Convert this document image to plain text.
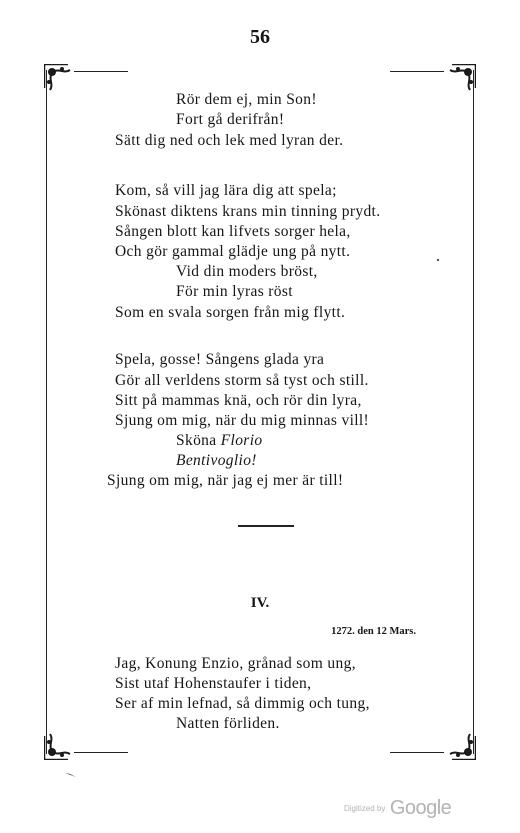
56
Rör dem ej, min Son!
Fort gå derifrån!
Sätt dig ned och lek med lyran der.
Kom, så vill jag lära dig att spela;
Skönast diktens krans min tinning prydt.
Sången blott kan lifvets sorger hela,
Och gör gammal glädje ung på nytt.
Vid din moders bröst,
För min lyras röst
Som en svala sorgen från mig flytt.
Spela, gosse! Sångens glada yra
Gör all verldens storm så tyst och still.
Sitt på mammas knä, och rör din lyra,
Sjung om mig, när du mig minnas vill!
Sköna Florio
Bentivoglio!
Sjung om mig, när jag ej mer är till!
IV.
1272. den 12 Mars.
Jag, Konung Enzio, grånad som ung,
Sist utaf Hohenstaufer i tiden,
Ser af min lefnad, så dimmig och tung,
Natten förliden.
Digitized by Google
